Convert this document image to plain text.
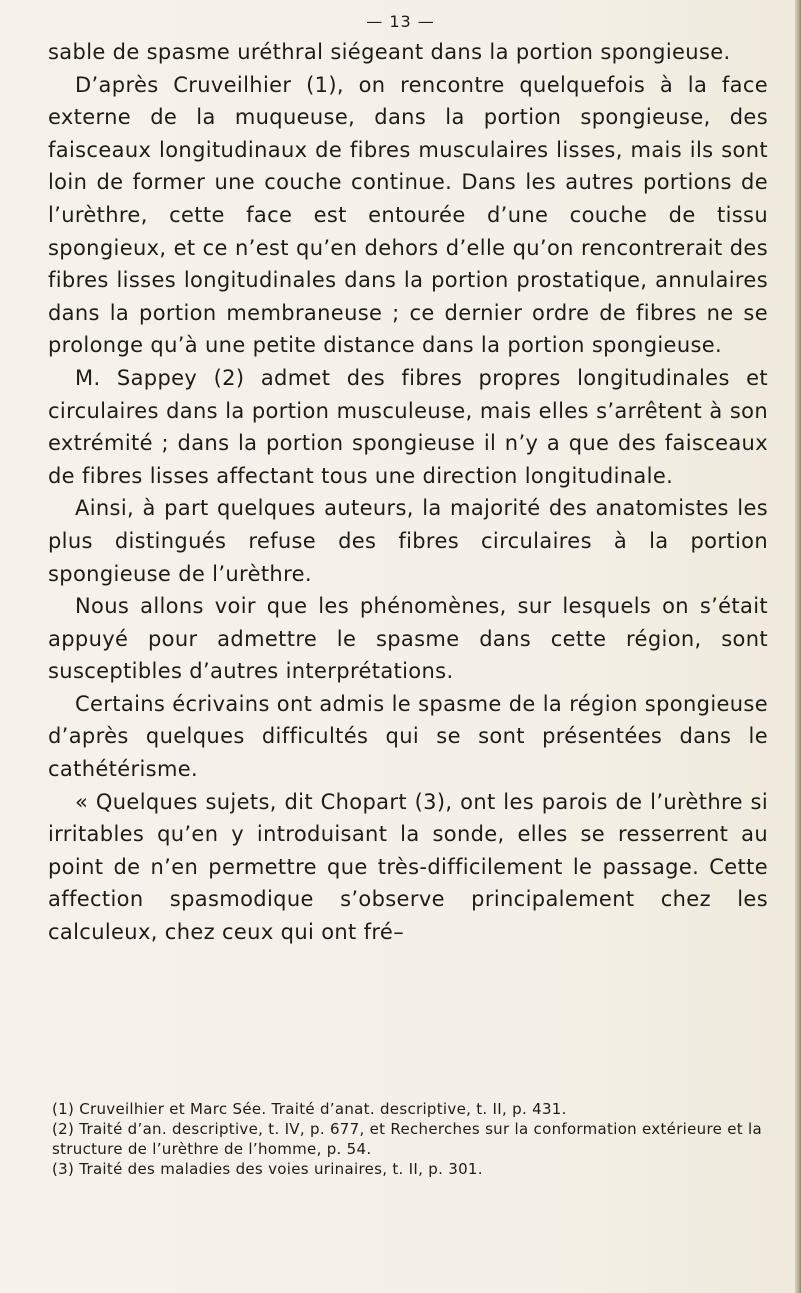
— 13 —

sable de spasme uréthral siégeant dans la portion spongieuse.

D’après Cruveilhier (1), on rencontre quelquefois à la face externe de la muqueuse, dans la portion spongieuse, des faisceaux longitudinaux de fibres musculaires lisses, mais ils sont loin de former une couche continue. Dans les autres portions de l’urèthre, cette face est entourée d’une couche de tissu spongieux, et ce n’est qu’en dehors d’elle qu’on rencontrerait des fibres lisses longitudinales dans la portion prostatique, annulaires dans la portion membraneuse ; ce dernier ordre de fibres ne se prolonge qu’à une petite distance dans la portion spongieuse.

M. Sappey (2) admet des fibres propres longitudinales et circulaires dans la portion musculeuse, mais elles s’arrêtent à son extrémité ; dans la portion spongieuse il n’y a que des faisceaux de fibres lisses affectant tous une direction longitudinale.

Ainsi, à part quelques auteurs, la majorité des anatomistes les plus distingués refuse des fibres circulaires à la portion spongieuse de l’urèthre.

Nous allons voir que les phénomènes, sur lesquels on s’était appuyé pour admettre le spasme dans cette région, sont susceptibles d’autres interprétations.

Certains écrivains ont admis le spasme de la région spongieuse d’après quelques difficultés qui se sont présentées dans le cathétérisme.

« Quelques sujets, dit Chopart (3), ont les parois de l’urèthre si irritables qu’en y introduisant la sonde, elles se resserrent au point de n’en permettre que très-difficilement le passage. Cette affection spasmodique s’observe principalement chez les calculeux, chez ceux qui ont fré–

(1) Cruveilhier et Marc Sée. Traité d’anat. descriptive, t. II, p. 431.

(2) Traité d’an. descriptive, t. IV, p. 677, et Recherches sur la conformation extérieure et la structure de l’urèthre de l’homme, p. 54.

(3) Traité des maladies des voies urinaires, t. II, p. 301.
